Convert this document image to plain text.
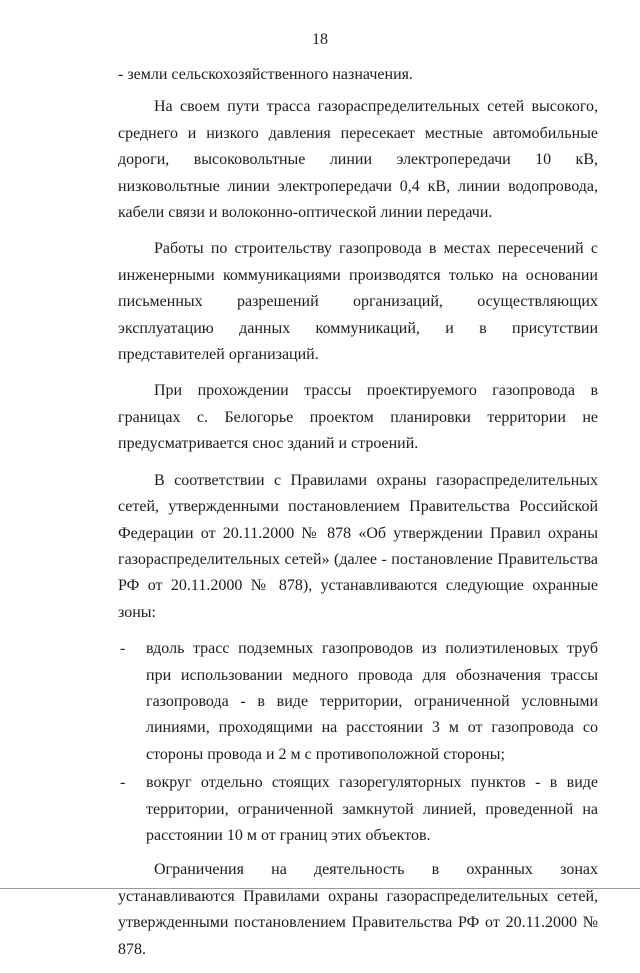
18

- земли сельскохозяйственного назначения.

На своем пути трасса газораспределительных сетей высокого, среднего и низкого давления пересекает местные автомобильные дороги, высоковольтные линии электропередачи 10 кВ, низковольтные линии электропередачи 0,4 кВ, линии водопровода, кабели связи и волоконно-оптической линии передачи.

Работы по строительству газопровода в местах пересечений с инженерными коммуникациями производятся только на основании письменных разрешений организаций, осуществляющих эксплуатацию данных коммуникаций, и в присутствии представителей организаций.

При прохождении трассы проектируемого газопровода в границах с. Белогорье проектом планировки территории не предусматривается снос зданий и строений.

В соответствии с Правилами охраны газораспределительных сетей, утвержденными постановлением Правительства Российской Федерации от 20.11.2000 № 878 «Об утверждении Правил охраны газораспределительных сетей» (далее - постановление Правительства РФ от 20.11.2000 № 878), устанавливаются следующие охранные зоны:

- вдоль трасс подземных газопроводов из полиэтиленовых труб при использовании медного провода для обозначения трассы газопровода - в виде территории, ограниченной условными линиями, проходящими на расстоянии 3 м от газопровода со стороны провода и 2 м с противоположной стороны;
- вокруг отдельно стоящих газорегуляторных пунктов - в виде территории, ограниченной замкнутой линией, проведенной на расстоянии 10 м от границ этих объектов.

Ограничения на деятельность в охранных зонах устанавливаются Правилами охраны газораспределительных сетей, утвержденными постановлением Правительства РФ от 20.11.2000 № 878.
